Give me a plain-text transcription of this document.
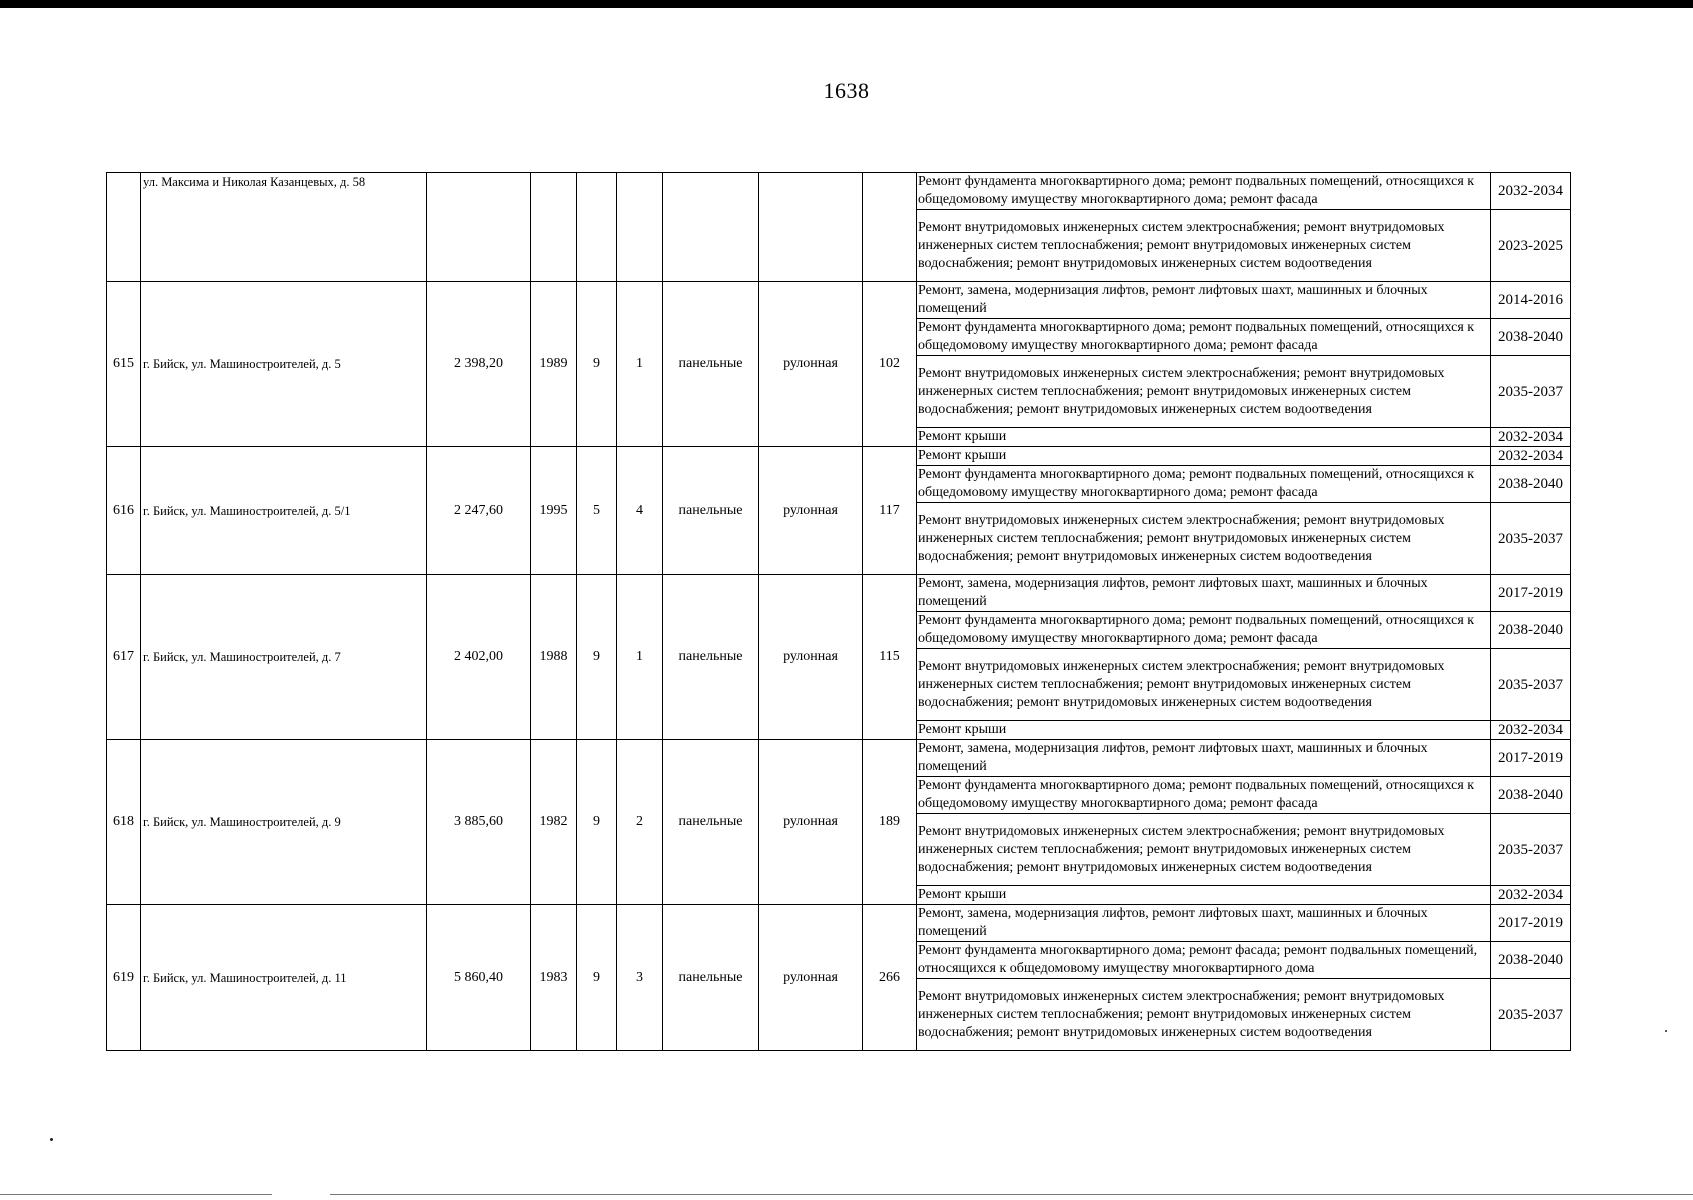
1638
	ул. Максима и Николая Казанцевых, д. 58								Ремонт фундамента многоквартирного дома; ремонт подвальных помещений, относящихся к общедомовому имуществу многоквартирного дома; ремонт фасада	2032-2034
									Ремонт внутридомовых инженерных систем электроснабжения; ремонт внутридомовых инженерных систем теплоснабжения; ремонт внутридомовых инженерных систем водоснабжения; ремонт внутридомовых инженерных систем водоотведения	2023-2025
615	г. Бийск, ул. Машиностроителей, д. 5	2 398,20	1989	9	1	панельные	рулонная	102	Ремонт, замена, модернизация лифтов, ремонт лифтовых шахт, машинных и блочных помещений	2014-2016
									Ремонт фундамента многоквартирного дома; ремонт подвальных помещений, относящихся к общедомовому имуществу многоквартирного дома; ремонт фасада	2038-2040
									Ремонт внутридомовых инженерных систем электроснабжения; ремонт внутридомовых инженерных систем теплоснабжения; ремонт внутридомовых инженерных систем водоснабжения; ремонт внутридомовых инженерных систем водоотведения	2035-2037
									Ремонт крыши	2032-2034
616	г. Бийск, ул. Машиностроителей, д. 5/1	2 247,60	1995	5	4	панельные	рулонная	117	Ремонт крыши	2032-2034
									Ремонт фундамента многоквартирного дома; ремонт подвальных помещений, относящихся к общедомовому имуществу многоквартирного дома; ремонт фасада	2038-2040
									Ремонт внутридомовых инженерных систем электроснабжения; ремонт внутридомовых инженерных систем теплоснабжения; ремонт внутридомовых инженерных систем водоснабжения; ремонт внутридомовых инженерных систем водоотведения	2035-2037
617	г. Бийск, ул. Машиностроителей, д. 7	2 402,00	1988	9	1	панельные	рулонная	115	Ремонт, замена, модернизация лифтов, ремонт лифтовых шахт, машинных и блочных помещений	2017-2019
									Ремонт фундамента многоквартирного дома; ремонт подвальных помещений, относящихся к общедомовому имуществу многоквартирного дома; ремонт фасада	2038-2040
									Ремонт внутридомовых инженерных систем электроснабжения; ремонт внутридомовых инженерных систем теплоснабжения; ремонт внутридомовых инженерных систем водоснабжения; ремонт внутридомовых инженерных систем водоотведения	2035-2037
									Ремонт крыши	2032-2034
618	г. Бийск, ул. Машиностроителей, д. 9	3 885,60	1982	9	2	панельные	рулонная	189	Ремонт, замена, модернизация лифтов, ремонт лифтовых шахт, машинных и блочных помещений	2017-2019
									Ремонт фундамента многоквартирного дома; ремонт подвальных помещений, относящихся к общедомовому имуществу многоквартирного дома; ремонт фасада	2038-2040
									Ремонт внутридомовых инженерных систем электроснабжения; ремонт внутридомовых инженерных систем теплоснабжения; ремонт внутридомовых инженерных систем водоснабжения; ремонт внутридомовых инженерных систем водоотведения	2035-2037
									Ремонт крыши	2032-2034
619	г. Бийск, ул. Машиностроителей, д. 11	5 860,40	1983	9	3	панельные	рулонная	266	Ремонт, замена, модернизация лифтов, ремонт лифтовых шахт, машинных и блочных помещений	2017-2019
									Ремонт фундамента многоквартирного дома; ремонт фасада; ремонт подвальных помещений, относящихся к общедомовому имуществу многоквартирного дома	2038-2040
									Ремонт внутридомовых инженерных систем электроснабжения; ремонт внутридомовых инженерных систем теплоснабжения; ремонт внутридомовых инженерных систем водоснабжения; ремонт внутридомовых инженерных систем водоотведения	2035-2037
